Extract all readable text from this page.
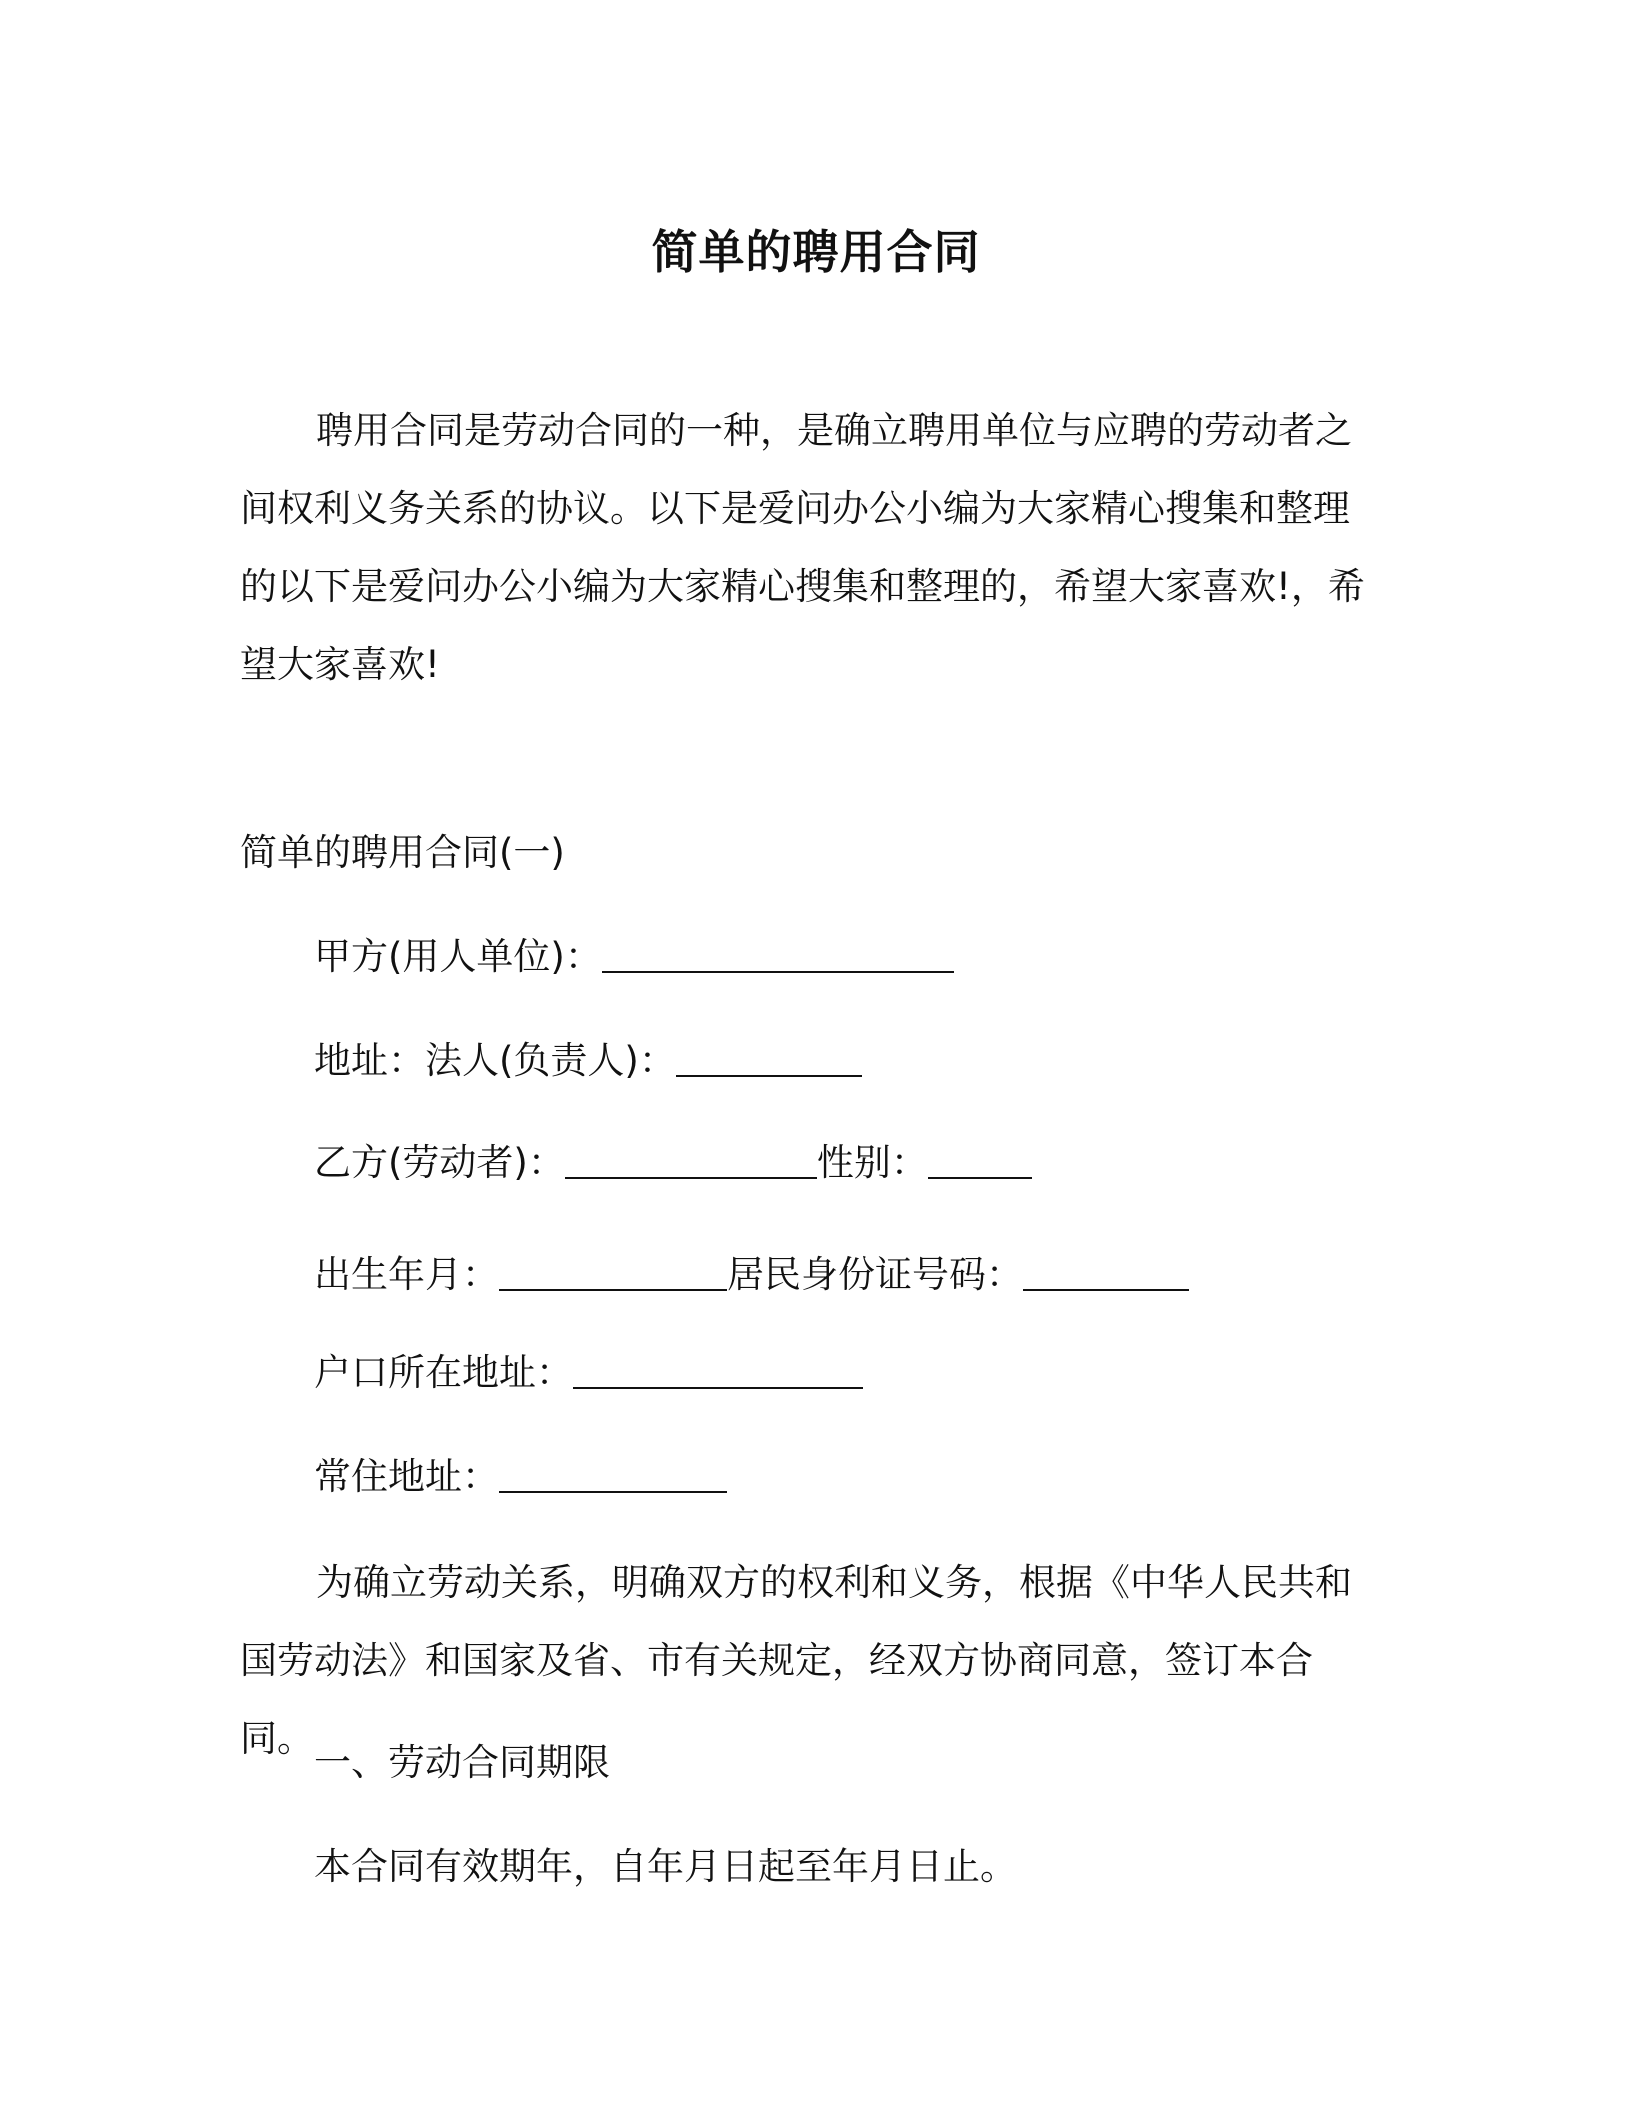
简单的聘用合同

聘用合同是劳动合同的一种，是确立聘用单位与应聘的劳动者之间权利义务关系的协议。以下是爱问办公小编为大家精心搜集和整理的以下是爱问办公小编为大家精心搜集和整理的，希望大家喜欢!，希望大家喜欢!

简单的聘用合同(一)
甲方(用人单位)：
地址：法人(负责人)：
乙方(劳动者)：	性别：
出生年月：	居民身份证号码：
户口所在地址：
常住地址：

为确立劳动关系，明确双方的权利和义务，根据《中华人民共和国劳动法》和国家及省、市有关规定，经双方协商同意，签订本合同。

一、劳动合同期限
本合同有效期年，自年月日起至年月日止。
